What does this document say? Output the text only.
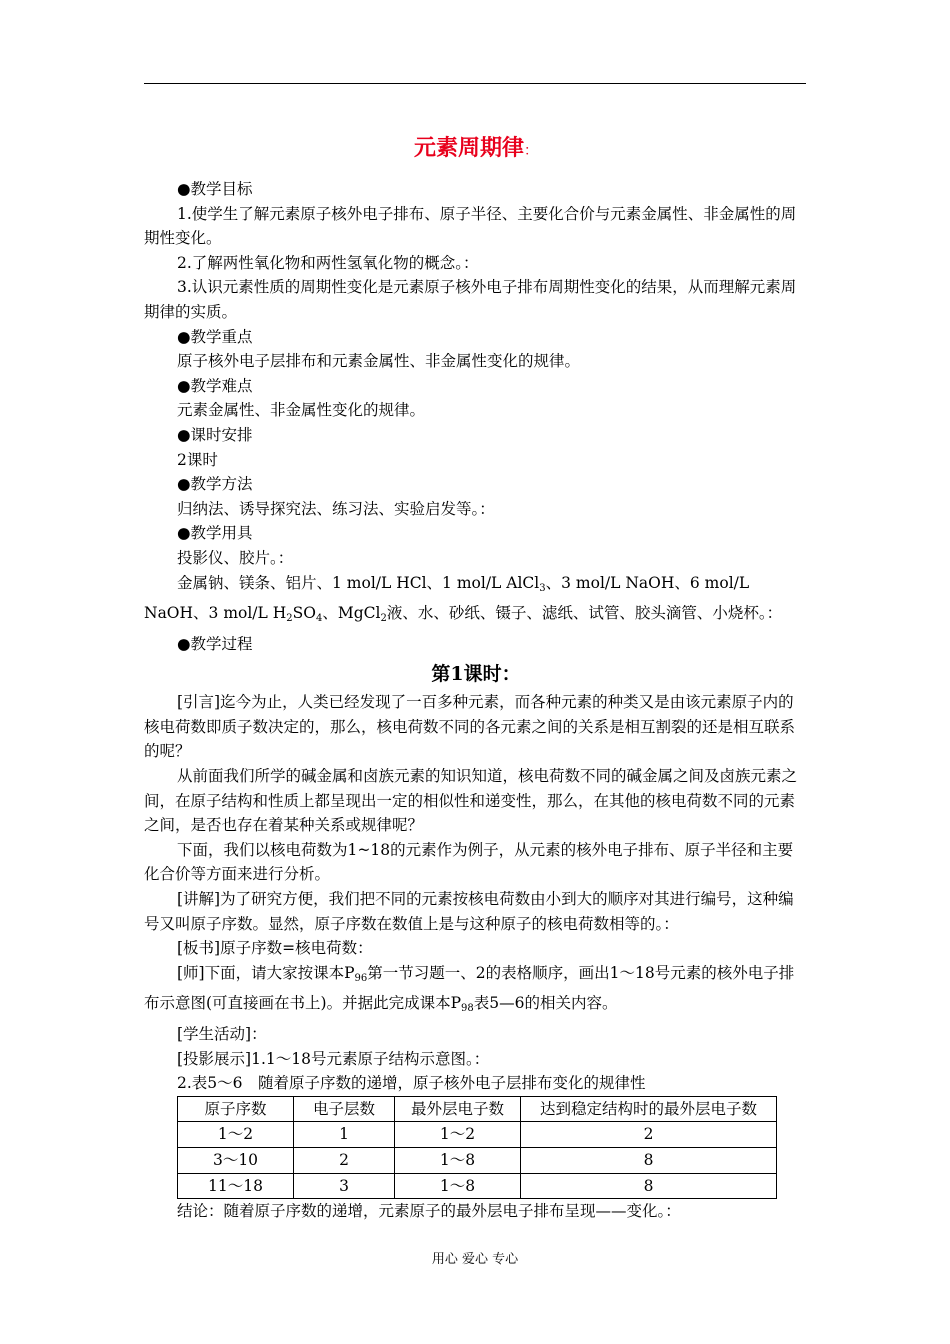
元素周期律：

●教学目标

1.使学生了解元素原子核外电子排布、原子半径、主要化合价与元素金属性、非金属性的周期性变化。

2.了解两性氧化物和两性氢氧化物的概念。：

3.认识元素性质的周期性变化是元素原子核外电子排布周期性变化的结果，从而理解元素周期律的实质。

●教学重点

原子核外电子层排布和元素金属性、非金属性变化的规律。

●教学难点

元素金属性、非金属性变化的规律。

●课时安排

2课时

●教学方法

归纳法、诱导探究法、练习法、实验启发等。：

●教学用具

投影仪、胶片。：

金属钠、镁条、铝片、1 mol/L HCl、1 mol/L AlCl$_3$、3 mol/L NaOH、6 mol/L NaOH、3 mol/L $H_2SO_4$、MgCl$_2$液、水、砂纸、镊子、滤纸、试管、胶头滴管、小烧杯。：

●教学过程

第1课时：

[引言]迄今为止，人类已经发现了一百多种元素，而各种元素的种类又是由该元素原子内的核电荷数即质子数决定的，那么，核电荷数不同的各元素之间的关系是相互割裂的还是相互联系的呢？

从前面我们所学的碱金属和卤族元素的知识知道，核电荷数不同的碱金属之间及卤族元素之间，在原子结构和性质上都呈现出一定的相似性和递变性，那么，在其他的核电荷数不同的元素之间，是否也存在着某种关系或规律呢？

下面，我们以核电荷数为1~18的元素作为例子，从元素的核外电子排布、原子半径和主要化合价等方面来进行分析。

[讲解]为了研究方便，我们把不同的元素按核电荷数由小到大的顺序对其进行编号，这种编号又叫原子序数。显然，原子序数在数值上是与这种原子的核电荷数相等的。：

[板书]原子序数=核电荷数：

[师]下面，请大家按课本$P_{96}$第一节习题一、2的表格顺序，画出1～18号元素的核外电子排布示意图(可直接画在书上)。并据此完成课本$P_{98}$表5—6的相关内容。

[学生活动]：

[投影展示]1.1～18号元素原子结构示意图。：

2.表5～6　随着原子序数的递增，原子核外电子层排布变化的规律性

原子序数	电子层数	最外层电子数	达到稳定结构时的最外层电子数
1～2	1	1～2	2
3～10	2	1～8	8
11～18	3	1～8	8

结论：随着原子序数的递增，元素原子的最外层电子排布呈现——变化。：

用心 爱心 专心
